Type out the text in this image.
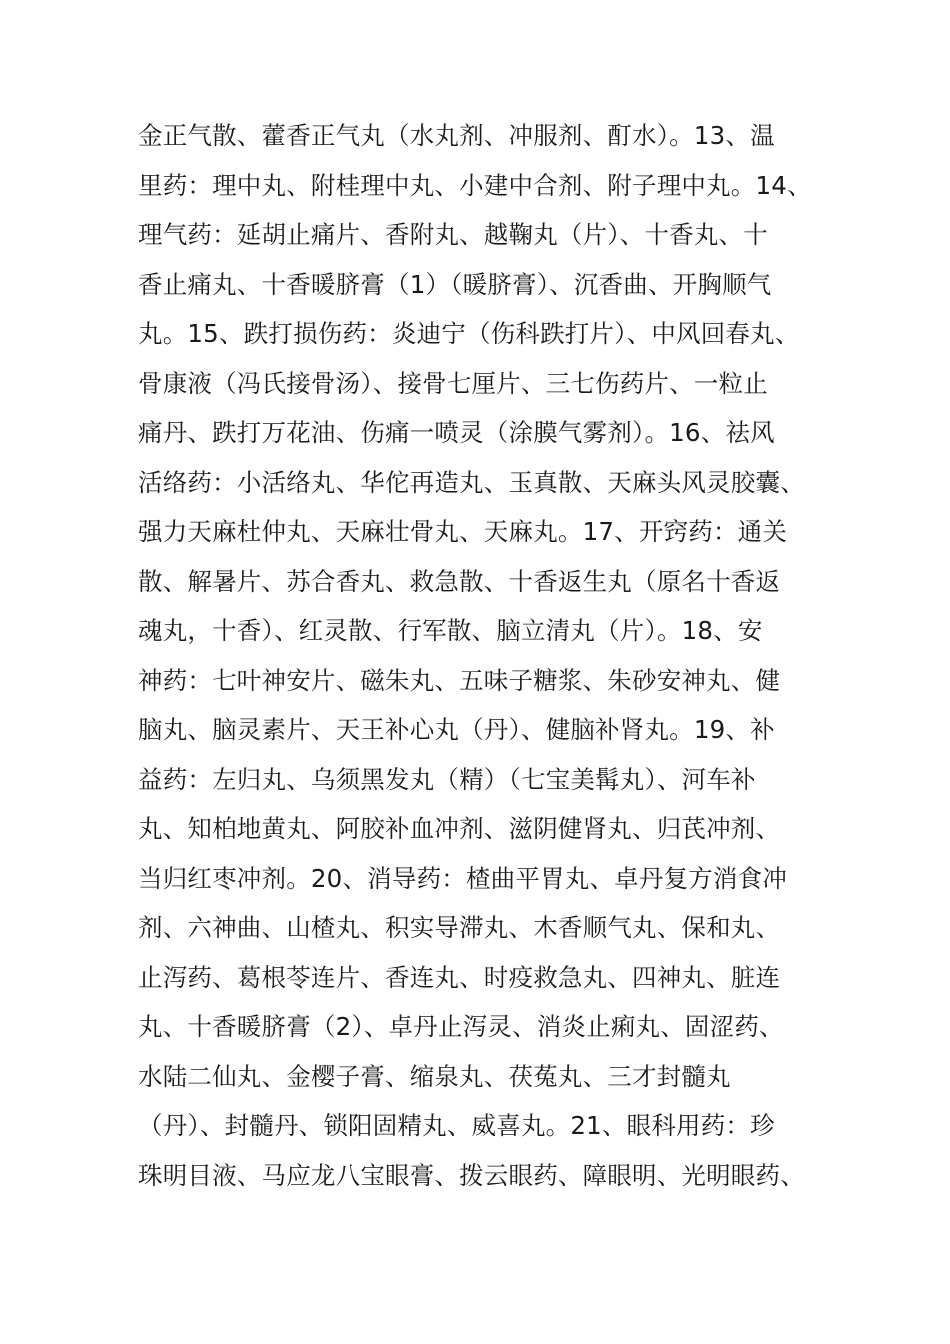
金正气散、藿香正气丸（水丸剂、冲服剂、酊水）。13、温
里药：理中丸、附桂理中丸、小建中合剂、附子理中丸。14、
理气药：延胡止痛片、香附丸、越鞠丸（片）、十香丸、十
香止痛丸、十香暖脐膏（1）（暖脐膏）、沉香曲、开胸顺气
丸。15、跌打损伤药：炎迪宁（伤科跌打片）、中风回春丸、
骨康液（冯氏接骨汤）、接骨七厘片、三七伤药片、一粒止
痛丹、跌打万花油、伤痛一喷灵（涂膜气雾剂）。16、祛风
活络药：小活络丸、华佗再造丸、玉真散、天麻头风灵胶囊、
强力天麻杜仲丸、天麻壮骨丸、天麻丸。17、开窍药：通关
散、解暑片、苏合香丸、救急散、十香返生丸（原名十香返
魂丸，十香）、红灵散、行军散、脑立清丸（片）。18、安
神药：七叶神安片、磁朱丸、五味子糖浆、朱砂安神丸、健
脑丸、脑灵素片、天王补心丸（丹）、健脑补肾丸。19、补
益药：左归丸、乌须黑发丸（精）（七宝美髯丸）、河车补
丸、知柏地黄丸、阿胶补血冲剂、滋阴健肾丸、归芪冲剂、
当归红枣冲剂。20、消导药：楂曲平胃丸、卓丹复方消食冲
剂、六神曲、山楂丸、积实导滞丸、木香顺气丸、保和丸、
止泻药、葛根苓连片、香连丸、时疫救急丸、四神丸、脏连
丸、十香暖脐膏（2）、卓丹止泻灵、消炎止痢丸、固涩药、
水陆二仙丸、金樱子膏、缩泉丸、茯菟丸、三才封髓丸
（丹）、封髓丹、锁阳固精丸、威喜丸。21、眼科用药：珍
珠明目液、马应龙八宝眼膏、拨云眼药、障眼明、光明眼药、
